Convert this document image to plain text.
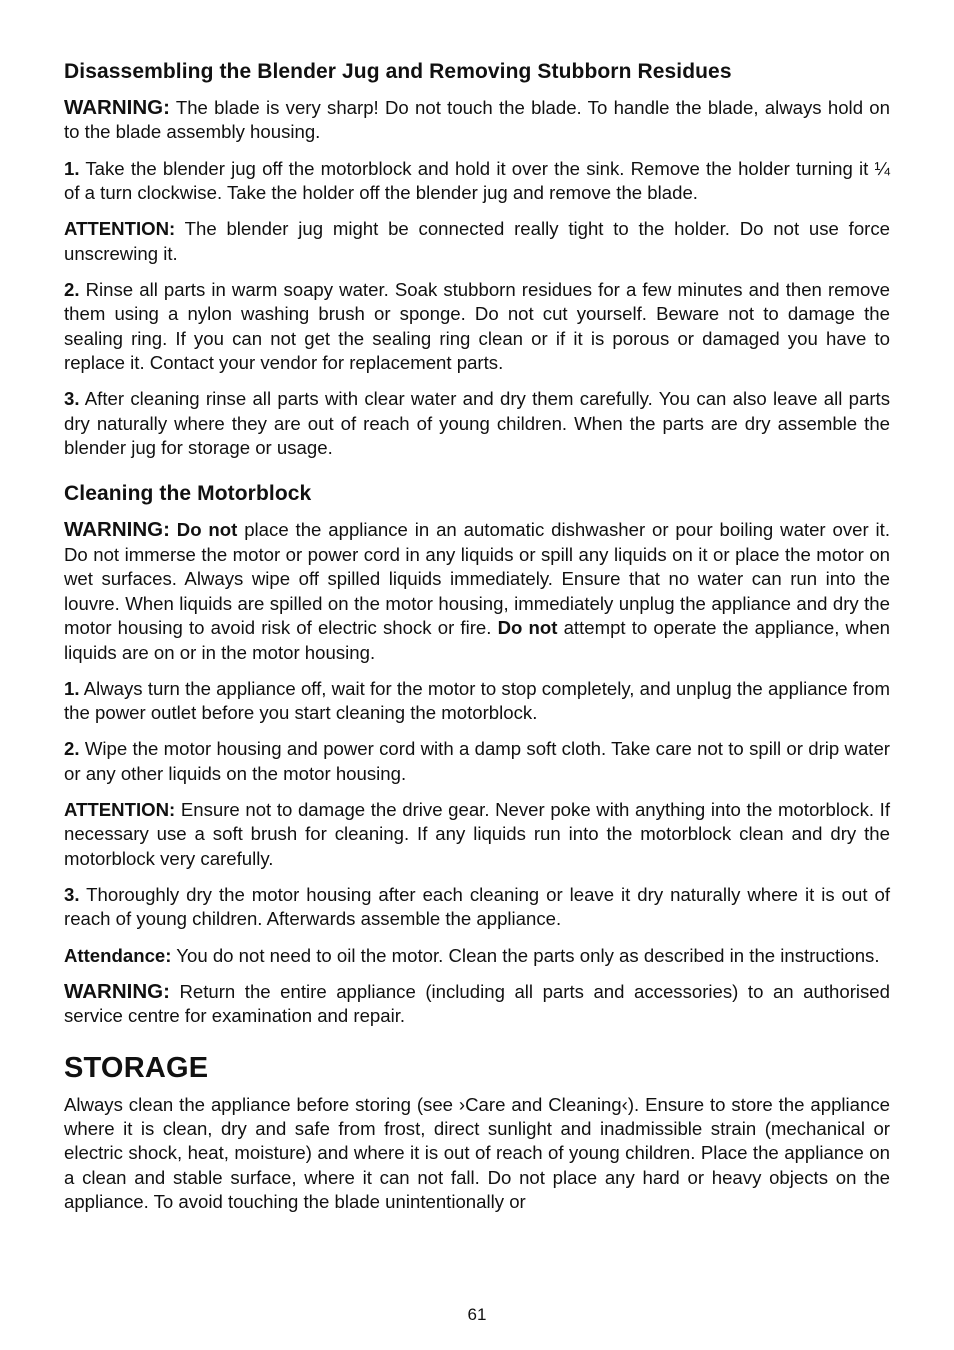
Disassembling the Blender Jug and Removing Stubborn Residues

WARNING: The blade is very sharp! Do not touch the blade. To handle the blade, always hold on to the blade assembly housing.

1. Take the blender jug off the motorblock and hold it over the sink. Remove the holder turning it ¼ of a turn clockwise. Take the holder off the blender jug and remove the blade.

ATTENTION: The blender jug might be connected really tight to the holder. Do not use force unscrewing it.

2. Rinse all parts in warm soapy water. Soak stubborn residues for a few minutes and then remove them using a nylon washing brush or sponge. Do not cut yourself. Beware not to damage the sealing ring. If you can not get the sealing ring clean or if it is porous or damaged you have to replace it. Contact your vendor for replacement parts.

3. After cleaning rinse all parts with clear water and dry them carefully. You can also leave all parts dry naturally where they are out of reach of young children. When the parts are dry assemble the blender jug for storage or usage.

Cleaning the Motorblock

WARNING: Do not place the appliance in an automatic dishwasher or pour boiling water over it. Do not immerse the motor or power cord in any liquids or spill any liquids on it or place the motor on wet surfaces. Always wipe off spilled liquids immediately. Ensure that no water can run into the louvre. When liquids are spilled on the motor housing, immediately unplug the appliance and dry the motor housing to avoid risk of electric shock or fire. Do not attempt to operate the appliance, when liquids are on or in the motor housing.

1. Always turn the appliance off, wait for the motor to stop completely, and unplug the appliance from the power outlet before you start cleaning the motorblock.

2. Wipe the motor housing and power cord with a damp soft cloth. Take care not to spill or drip water or any other liquids on the motor housing.

ATTENTION: Ensure not to damage the drive gear. Never poke with anything into the motorblock. If necessary use a soft brush for cleaning. If any liquids run into the motorblock clean and dry the motorblock very carefully.

3. Thoroughly dry the motor housing after each cleaning or leave it dry naturally where it is out of reach of young children. Afterwards assemble the appliance.

Attendance: You do not need to oil the motor. Clean the parts only as described in the instructions.

WARNING: Return the entire appliance (including all parts and accessories) to an authorised service centre for examination and repair.

STORAGE

Always clean the appliance before storing (see ›Care and Cleaning‹). Ensure to store the appliance where it is clean, dry and safe from frost, direct sunlight and inadmissible strain (mechanical or electric shock, heat, moisture) and where it is out of reach of young children. Place the appliance on a clean and stable surface, where it can not fall. Do not place any hard or heavy objects on the appliance. To avoid touching the blade unintentionally or

61
